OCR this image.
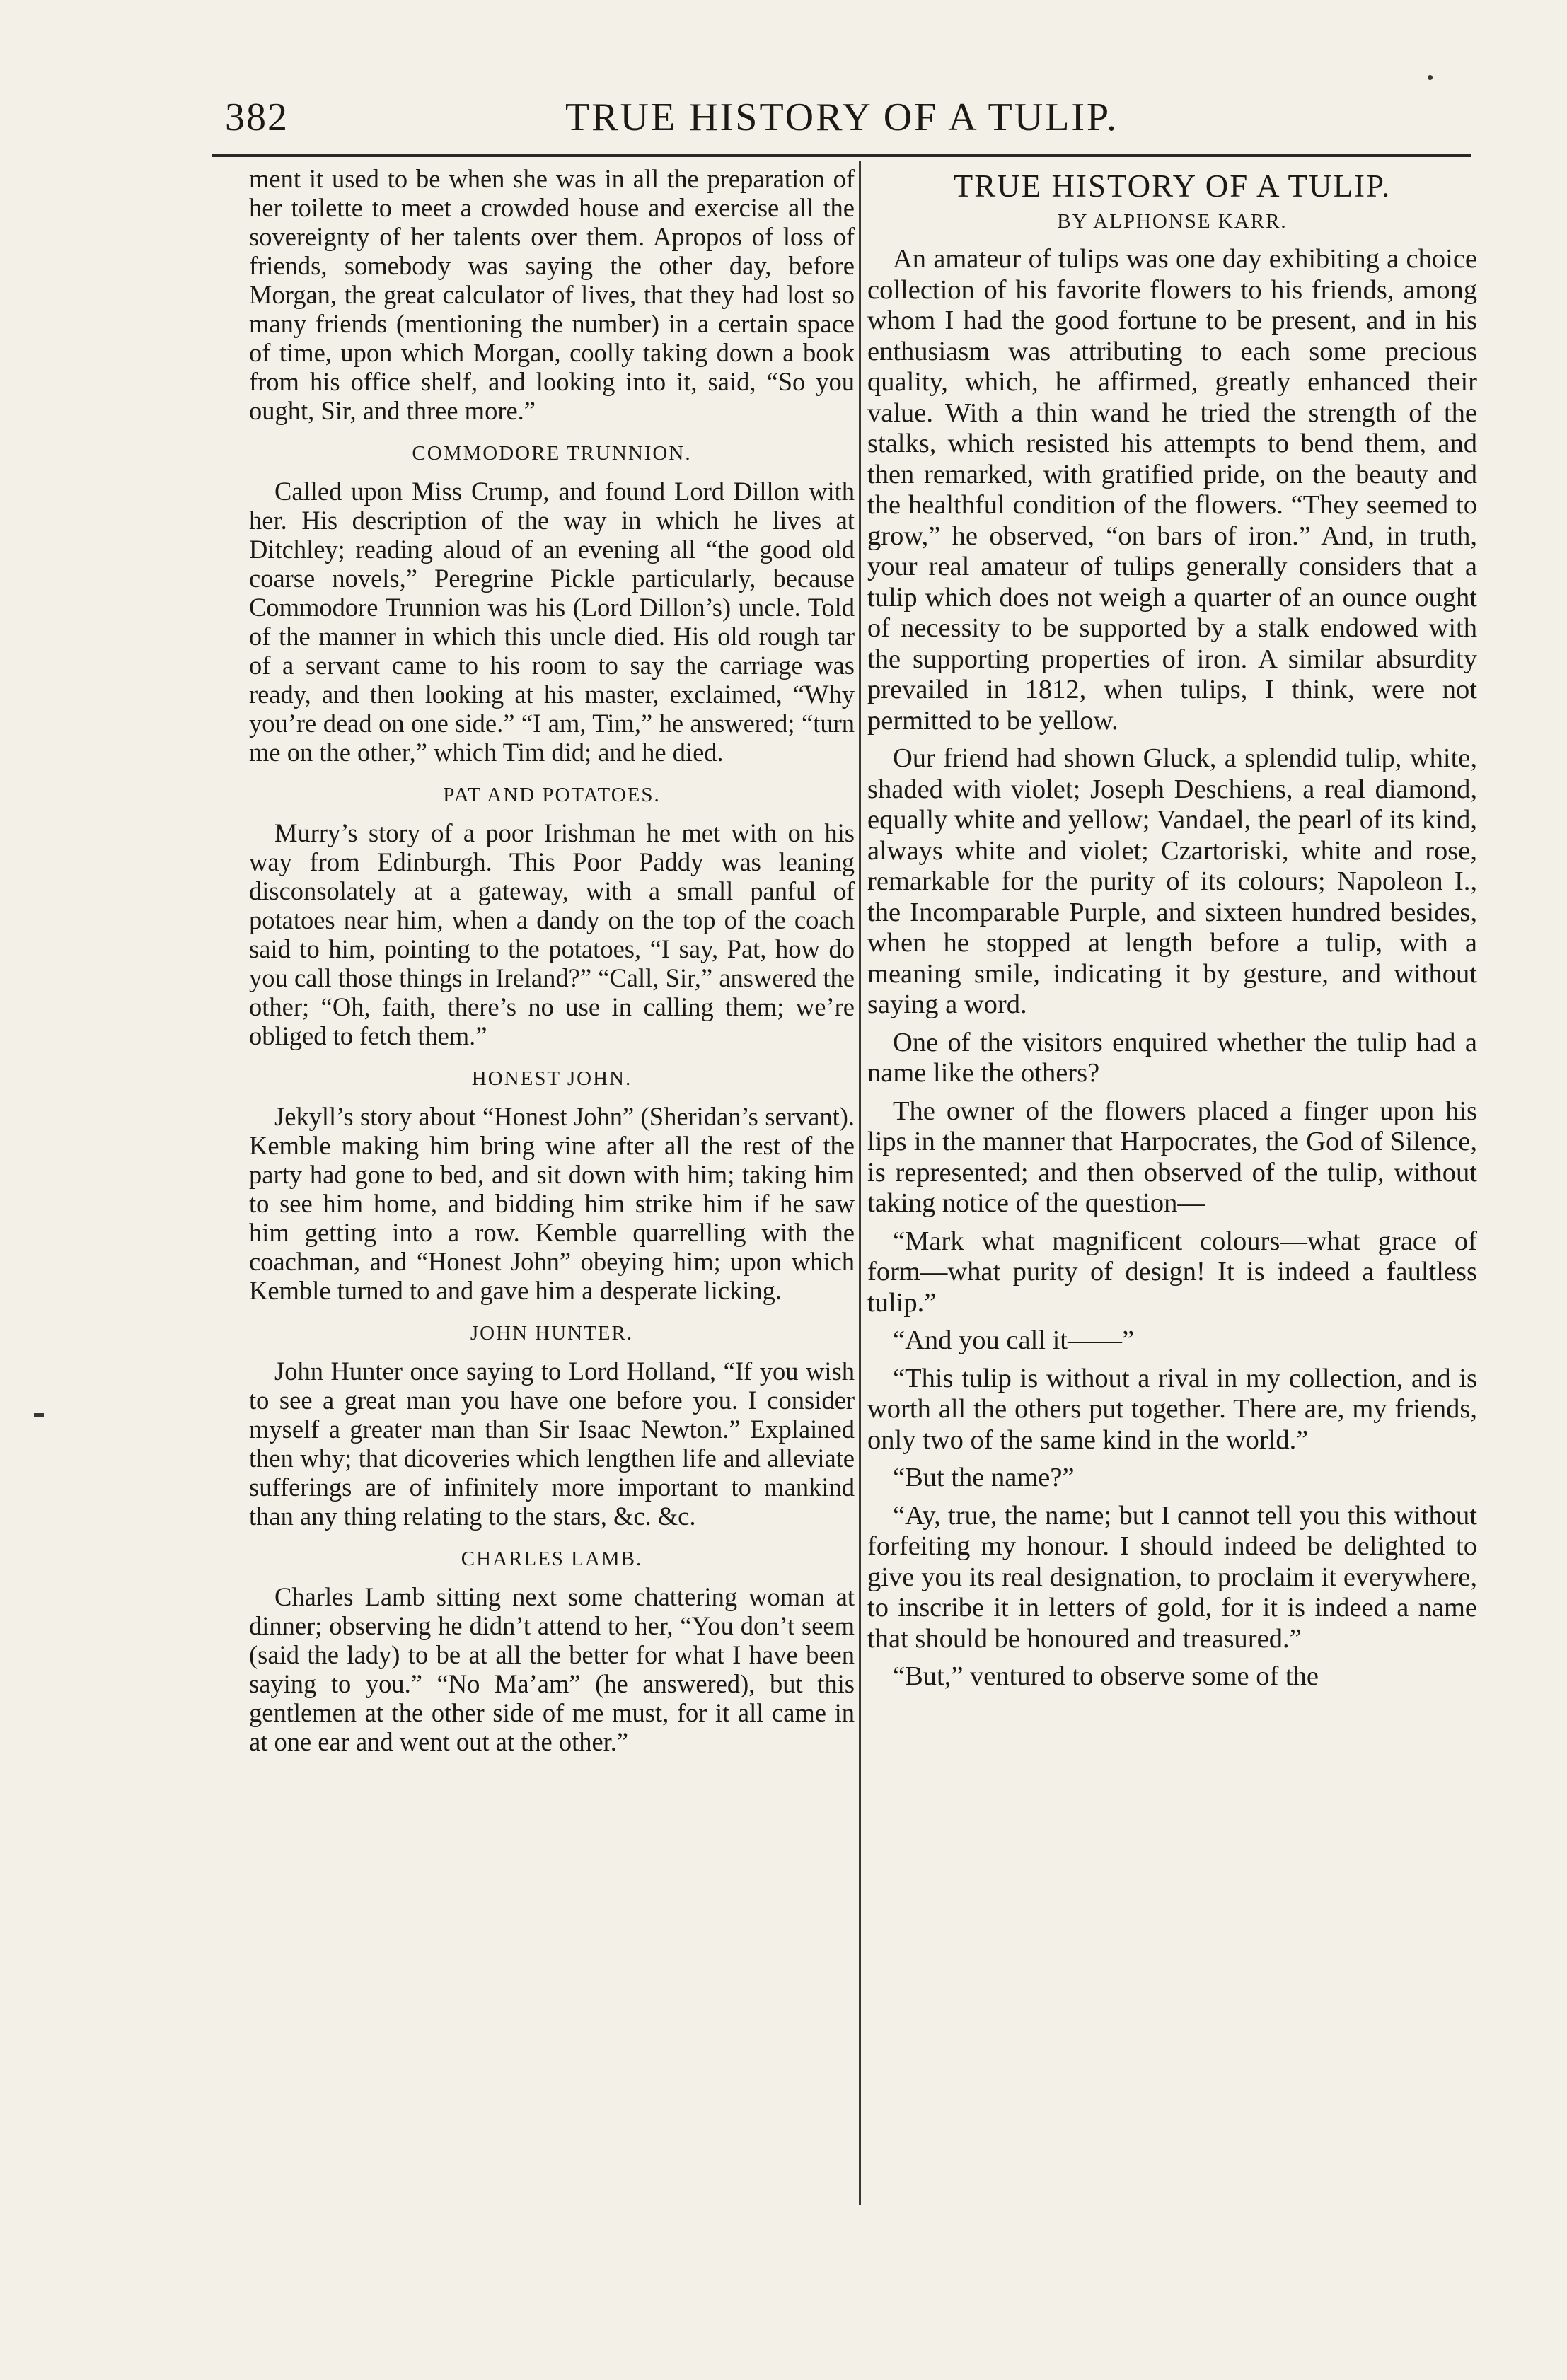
382	TRUE HISTORY OF A TULIP.

ment it used to be when she was in all the preparation of her toilette to meet a crowded house and exercise all the sovereignty of her talents over them. Apropos of loss of friends, somebody was saying the other day, before Morgan, the great calculator of lives, that they had lost so many friends (mentioning the number) in a certain space of time, upon which Morgan, coolly taking down a book from his office shelf, and looking into it, said, “So you ought, Sir, and three more.”

COMMODORE TRUNNION.

Called upon Miss Crump, and found Lord Dillon with her. His description of the way in which he lives at Ditchley; reading aloud of an evening all “the good old coarse novels,” Peregrine Pickle particularly, because Commodore Trunnion was his (Lord Dillon’s) uncle. Told of the manner in which this uncle died. His old rough tar of a servant came to his room to say the carriage was ready, and then looking at his master, exclaimed, “Why you’re dead on one side.” “I am, Tim,” he answered; “turn me on the other,” which Tim did; and he died.

PAT AND POTATOES.

Murry’s story of a poor Irishman he met with on his way from Edinburgh. This Poor Paddy was leaning disconsolately at a gateway, with a small panful of potatoes near him, when a dandy on the top of the coach said to him, pointing to the potatoes, “I say, Pat, how do you call those things in Ireland?” “Call, Sir,” answered the other; “Oh, faith, there’s no use in calling them; we’re obliged to fetch them.”

HONEST JOHN.

Jekyll’s story about “Honest John” (Sheridan’s servant). Kemble making him bring wine after all the rest of the party had gone to bed, and sit down with him; taking him to see him home, and bidding him strike him if he saw him getting into a row. Kemble quarrelling with the coachman, and “Honest John” obeying him; upon which Kemble turned to and gave him a desperate licking.

JOHN HUNTER.

John Hunter once saying to Lord Holland, “If you wish to see a great man you have one before you. I consider myself a greater man than Sir Isaac Newton.” Explained then why; that dicoveries which lengthen life and alleviate sufferings are of infinitely more important to mankind than any thing relating to the stars, &c. &c.

CHARLES LAMB.

Charles Lamb sitting next some chattering woman at dinner; observing he didn’t attend to her, “You don’t seem (said the lady) to be at all the better for what I have been saying to you.” “No Ma’am” (he answered), but this gentlemen at the other side of me must, for it all came in at one ear and went out at the other.”

TRUE HISTORY OF A TULIP.
BY ALPHONSE KARR.

An amateur of tulips was one day exhibiting a choice collection of his favorite flowers to his friends, among whom I had the good fortune to be present, and in his enthusiasm was attributing to each some precious quality, which, he affirmed, greatly enhanced their value. With a thin wand he tried the strength of the stalks, which resisted his attempts to bend them, and then remarked, with gratified pride, on the beauty and the healthful condition of the flowers. “They seemed to grow,” he observed, “on bars of iron.” And, in truth, your real amateur of tulips generally considers that a tulip which does not weigh a quarter of an ounce ought of necessity to be supported by a stalk endowed with the supporting properties of iron. A similar absurdity prevailed in 1812, when tulips, I think, were not permitted to be yellow.

Our friend had shown Gluck, a splendid tulip, white, shaded with violet; Joseph Deschiens, a real diamond, equally white and yellow; Vandael, the pearl of its kind, always white and violet; Czartoriski, white and rose, remarkable for the purity of its colours; Napoleon I., the Incomparable Purple, and sixteen hundred besides, when he stopped at length before a tulip, with a meaning smile, indicating it by gesture, and without saying a word.

One of the visitors enquired whether the tulip had a name like the others?

The owner of the flowers placed a finger upon his lips in the manner that Harpocrates, the God of Silence, is represented; and then observed of the tulip, without taking notice of the question—

“Mark what magnificent colours—what grace of form—what purity of design! It is indeed a faultless tulip.”

“And you call it——”

“This tulip is without a rival in my collection, and is worth all the others put together. There are, my friends, only two of the same kind in the world.”

“But the name?”

“Ay, true, the name; but I cannot tell you this without forfeiting my honour. I should indeed be delighted to give you its real designation, to proclaim it everywhere, to inscribe it in letters of gold, for it is indeed a name that should be honoured and treasured.”

“But,” ventured to observe some of the
